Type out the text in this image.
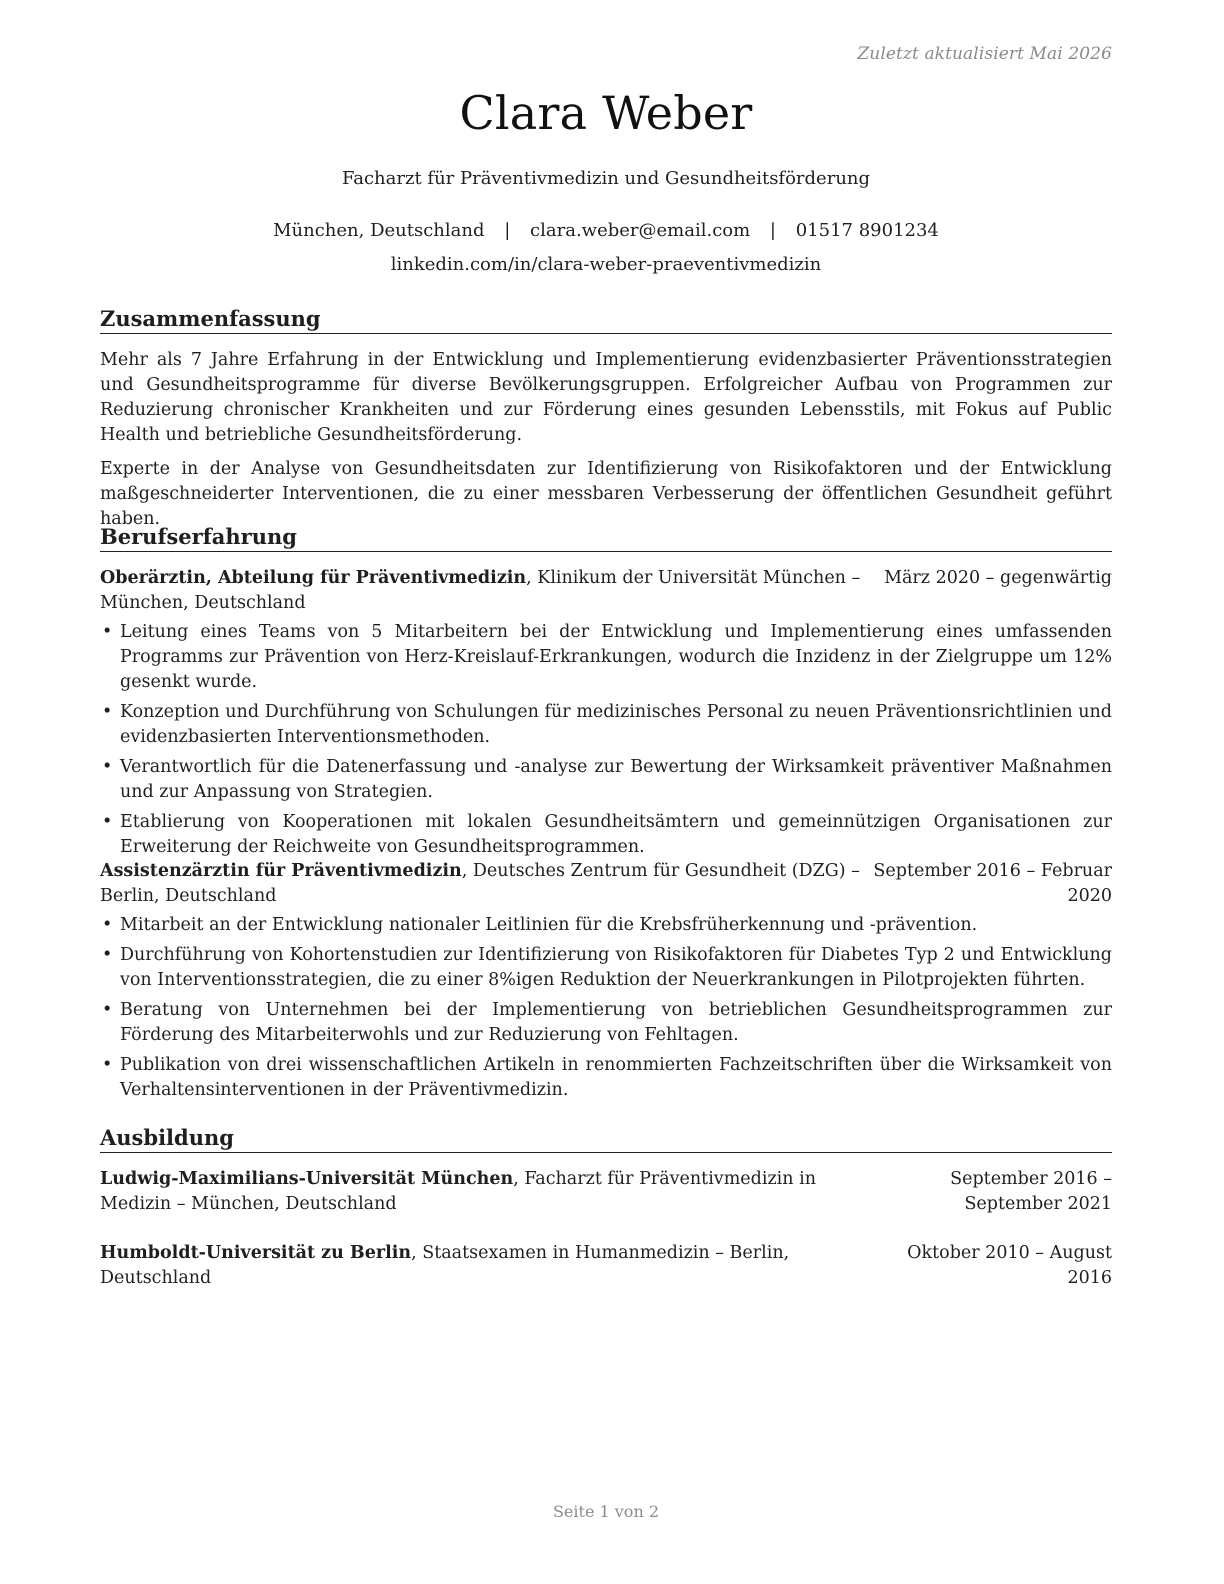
Zuletzt aktualisiert Mai 2026
Clara Weber
Facharzt für Präventivmedizin und Gesundheitsförderung
München, Deutschland | clara.weber@email.com | 01517 8901234
linkedin.com/in/clara-weber-praeventivmedizin
Zusammenfassung

Mehr als 7 Jahre Erfahrung in der Entwicklung und Implementierung evidenzbasierter Präventionsstrategien und Gesundheitsprogramme für diverse Bevölkerungsgruppen. Erfolgreicher Aufbau von Programmen zur Reduzierung chronischer Krankheiten und zur Förderung eines gesunden Lebensstils, mit Fokus auf Public Health und betriebliche Gesundheitsförderung.

Experte in der Analyse von Gesundheitsdaten zur Identifizierung von Risikofaktoren und der Entwicklung maßgeschneiderter Interventionen, die zu einer messbaren Verbesserung der öffentlichen Gesundheit geführt haben.

Berufserfahrung
Oberärztin, Abteilung für Präventivmedizin, Klinikum der Universität München – München, Deutschland
März 2020 – gegenwärtig
• Leitung eines Teams von 5 Mitarbeitern bei der Entwicklung und Implementierung eines umfassenden Programms zur Prävention von Herz-Kreislauf-Erkrankungen, wodurch die Inzidenz in der Zielgruppe um 12% gesenkt wurde.
• Konzeption und Durchführung von Schulungen für medizinisches Personal zu neuen Präventionsrichtlinien und evidenzbasierten Interventionsmethoden.
• Verantwortlich für die Datenerfassung und -analyse zur Bewertung der Wirksamkeit präventiver Maßnahmen und zur Anpassung von Strategien.
• Etablierung von Kooperationen mit lokalen Gesundheitsämtern und gemeinnützigen Organisationen zur Erweiterung der Reichweite von Gesundheitsprogrammen.
Assistenzärztin für Präventivmedizin, Deutsches Zentrum für Gesundheit (DZG) – Berlin, Deutschland
September 2016 – Februar 2020
• Mitarbeit an der Entwicklung nationaler Leitlinien für die Krebsfrüherkennung und -prävention.
• Durchführung von Kohortenstudien zur Identifizierung von Risikofaktoren für Diabetes Typ 2 und Entwicklung von Interventionsstrategien, die zu einer 8%igen Reduktion der Neuerkrankungen in Pilotprojekten führten.
• Beratung von Unternehmen bei der Implementierung von betrieblichen Gesundheitsprogrammen zur Förderung des Mitarbeiterwohls und zur Reduzierung von Fehltagen.
• Publikation von drei wissenschaftlichen Artikeln in renommierten Fachzeitschriften über die Wirksamkeit von Verhaltensinterventionen in der Präventivmedizin.
Ausbildung
Ludwig-Maximilians-Universität München, Facharzt für Präventivmedizin in Medizin – München, Deutschland
September 2016 – September 2021
Humboldt-Universität zu Berlin, Staatsexamen in Humanmedizin – Berlin, Deutschland
Oktober 2010 – August 2016
Seite 1 von 2
